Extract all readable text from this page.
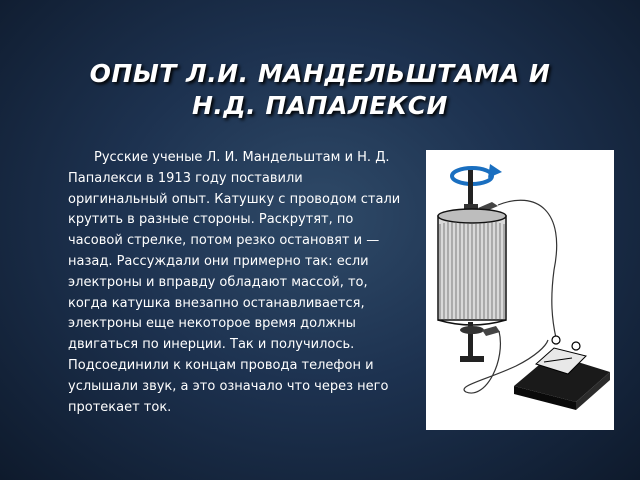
ОПЫТ Л.И. МАНДЕЛЬШТАМА И
Н.Д. ПАПАЛЕКСИ
Русские ученые Л. И. Мандельштам и Н. Д. Папалекси в 1913 году поставили оригинальный опыт. Катушку с проводом стали крутить в разные стороны. Раскрутят, по часовой стрелке, потом резко остановят и — назад. Рассуждали они примерно так: если электроны и вправду обладают массой, то, когда катушка внезапно останавливается, электроны еще некоторое время должны двигаться по инерции. Так и получилось. Подсоединили к концам провода телефон и услышали звук, а это означало что через него протекает ток.
